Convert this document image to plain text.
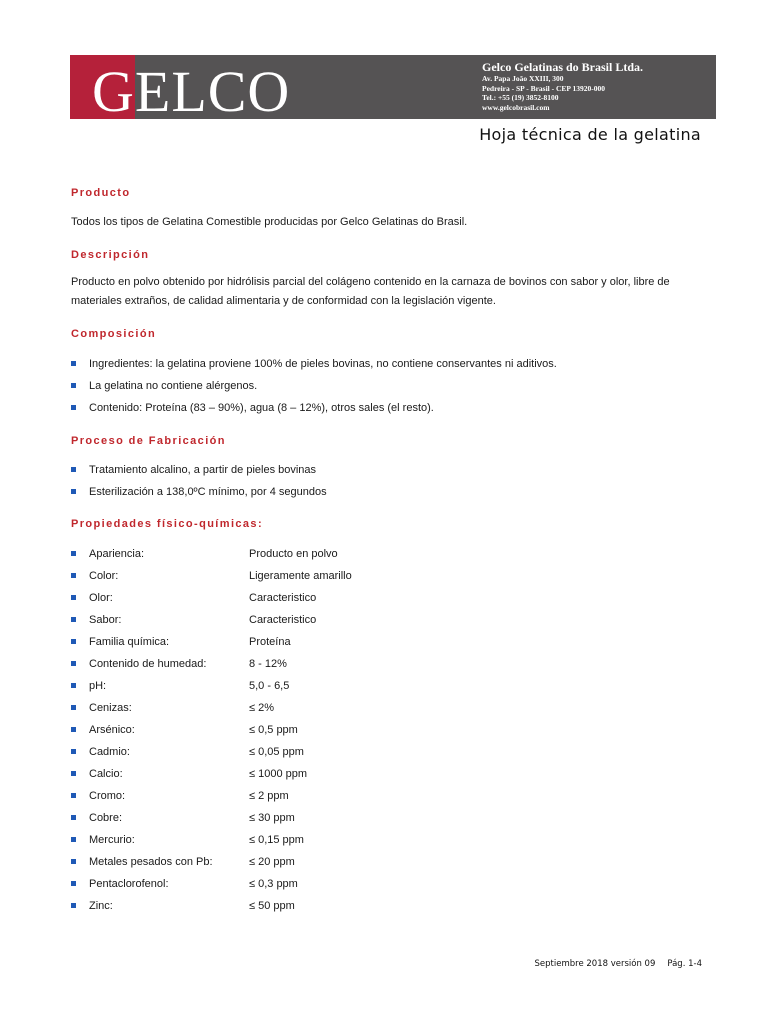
GELCO	Gelco Gelatinas do Brasil Ltda.
Av. Papa João XXIII, 300
Pedreira - SP - Brasil - CEP 13920-000
Tel.: +55 (19) 3852-8100
www.gelcobrasil.com
Hoja técnica de la gelatina
Producto
Todos los tipos de Gelatina Comestible producidas por Gelco Gelatinas do Brasil.
Descripción
Producto en polvo obtenido por hidrólisis parcial del colágeno contenido en la carnaza de bovinos con sabor y olor, libre de
materiales extraños, de calidad alimentaria y de conformidad con la legislación vigente.
Composición
Ingredientes: la gelatina proviene 100% de pieles bovinas, no contiene conservantes ni aditivos.
La gelatina no contiene alérgenos.
Contenido: Proteína (83 – 90%), agua (8 – 12%), otros sales (el resto).
Proceso de Fabricación
Tratamiento alcalino, a partir de pieles bovinas
Esterilización a 138,0ºC mínimo, por 4 segundos
Propiedades físico-químicas:
Apariencia:	Producto en polvo
Color:	Ligeramente amarillo
Olor:	Caracteristico
Sabor:	Caracteristico
Familia química:	Proteína
Contenido de humedad:	8 - 12%
pH:	5,0 - 6,5
Cenizas:	≤ 2%
Arsénico:	≤ 0,5 ppm
Cadmio:	≤ 0,05 ppm
Calcio:	≤ 1000 ppm
Cromo:	≤ 2 ppm
Cobre:	≤ 30 ppm
Mercurio:	≤ 0,15 ppm
Metales pesados con Pb:	≤ 20 ppm
Pentaclorofenol:	≤ 0,3 ppm
Zinc:	≤ 50 ppm
Septiembre 2018 versión 09 Pág. 1-4
